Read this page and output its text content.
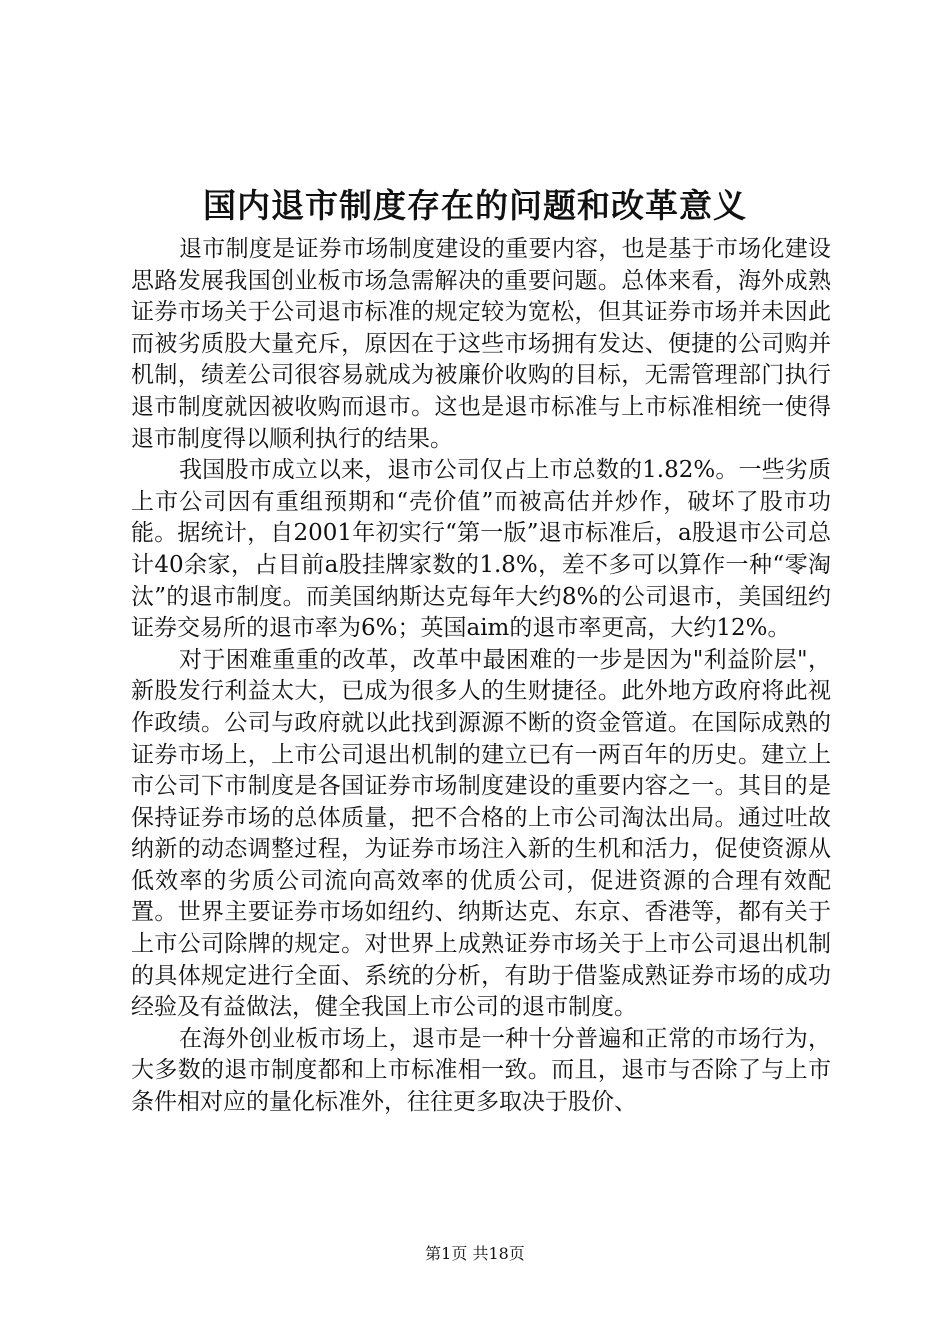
国内退市制度存在的问题和改革意义

退市制度是证券市场制度建设的重要内容，也是基于市场化建设思路发展我国创业板市场急需解决的重要问题。总体来看，海外成熟证券市场关于公司退市标准的规定较为宽松，但其证券市场并未因此而被劣质股大量充斥，原因在于这些市场拥有发达、便捷的公司购并机制，绩差公司很容易就成为被廉价收购的目标，无需管理部门执行退市制度就因被收购而退市。这也是退市标准与上市标准相统一使得退市制度得以顺利执行的结果。

我国股市成立以来，退市公司仅占上市总数的1.82%。一些劣质上市公司因有重组预期和“壳价值”而被高估并炒作，破坏了股市功能。据统计，自2001年初实行“第一版”退市标准后，a股退市公司总计40余家，占目前a股挂牌家数的1.8%，差不多可以算作一种“零淘汰”的退市制度。而美国纳斯达克每年大约8%的公司退市，美国纽约证券交易所的退市率为6%；英国aim的退市率更高，大约12%。

对于困难重重的改革，改革中最困难的一步是因为"利益阶层"，新股发行利益太大，已成为很多人的生财捷径。此外地方政府将此视作政绩。公司与政府就以此找到源源不断的资金管道。在国际成熟的证券市场上，上市公司退出机制的建立已有一两百年的历史。建立上市公司下市制度是各国证券市场制度建设的重要内容之一。其目的是保持证券市场的总体质量，把不合格的上市公司淘汰出局。通过吐故纳新的动态调整过程，为证券市场注入新的生机和活力，促使资源从低效率的劣质公司流向高效率的优质公司，促进资源的合理有效配置。世界主要证券市场如纽约、纳斯达克、东京、香港等，都有关于上市公司除牌的规定。对世界上成熟证券市场关于上市公司退出机制的具体规定进行全面、系统的分析，有助于借鉴成熟证券市场的成功经验及有益做法，健全我国上市公司的退市制度。

在海外创业板市场上，退市是一种十分普遍和正常的市场行为，大多数的退市制度都和上市标准相一致。而且，退市与否除了与上市条件相对应的量化标准外，往往更多取决于股价、

第1页 共18页
